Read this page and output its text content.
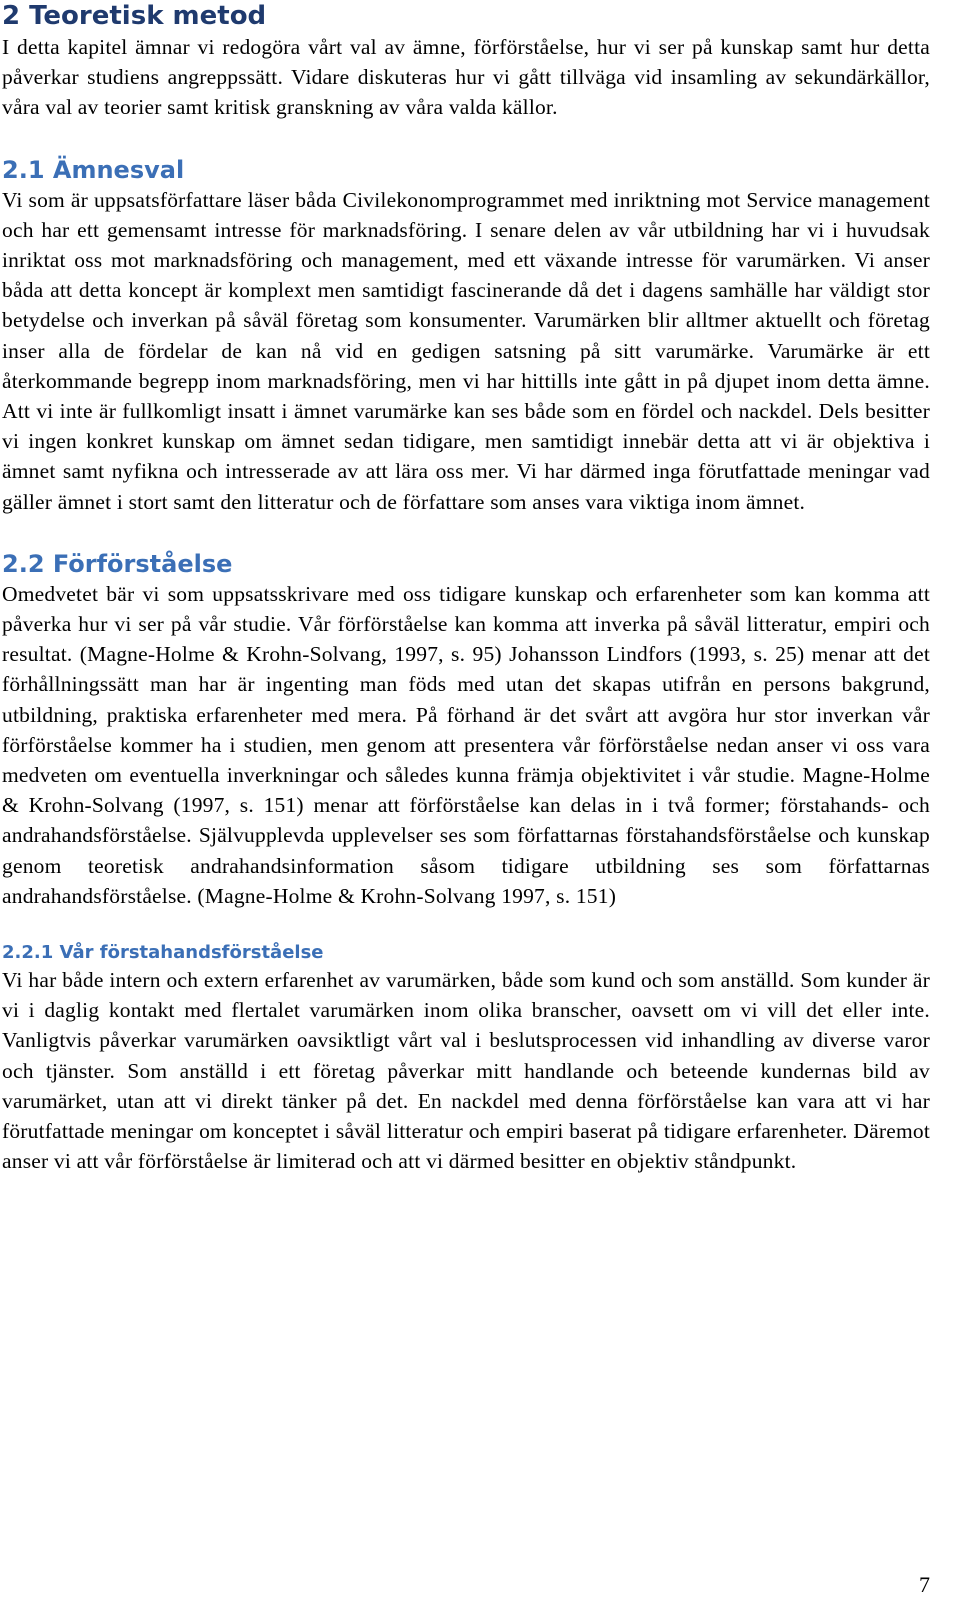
2 Teoretisk metod

I detta kapitel ämnar vi redogöra vårt val av ämne, förförståelse, hur vi ser på kunskap samt hur detta påverkar studiens angreppssätt. Vidare diskuteras hur vi gått tillväga vid insamling av sekundärkällor, våra val av teorier samt kritisk granskning av våra valda källor.

2.1 Ämnesval

Vi som är uppsatsförfattare läser båda Civilekonomprogrammet med inriktning mot Service management och har ett gemensamt intresse för marknadsföring. I senare delen av vår utbildning har vi i huvudsak inriktat oss mot marknadsföring och management, med ett växande intresse för varumärken. Vi anser båda att detta koncept är komplext men samtidigt fascinerande då det i dagens samhälle har väldigt stor betydelse och inverkan på såväl företag som konsumenter. Varumärken blir alltmer aktuellt och företag inser alla de fördelar de kan nå vid en gedigen satsning på sitt varumärke. Varumärke är ett återkommande begrepp inom marknadsföring, men vi har hittills inte gått in på djupet inom detta ämne. Att vi inte är fullkomligt insatt i ämnet varumärke kan ses både som en fördel och nackdel. Dels besitter vi ingen konkret kunskap om ämnet sedan tidigare, men samtidigt innebär detta att vi är objektiva i ämnet samt nyfikna och intresserade av att lära oss mer. Vi har därmed inga förutfattade meningar vad gäller ämnet i stort samt den litteratur och de författare som anses vara viktiga inom ämnet.

2.2 Förförståelse

Omedvetet bär vi som uppsatsskrivare med oss tidigare kunskap och erfarenheter som kan komma att påverka hur vi ser på vår studie. Vår förförståelse kan komma att inverka på såväl litteratur, empiri och resultat. (Magne-Holme & Krohn-Solvang, 1997, s. 95) Johansson Lindfors (1993, s. 25) menar att det förhållningssätt man har är ingenting man föds med utan det skapas utifrån en persons bakgrund, utbildning, praktiska erfarenheter med mera. På förhand är det svårt att avgöra hur stor inverkan vår förförståelse kommer ha i studien, men genom att presentera vår förförståelse nedan anser vi oss vara medveten om eventuella inverkningar och således kunna främja objektivitet i vår studie. Magne-Holme & Krohn-Solvang (1997, s. 151) menar att förförståelse kan delas in i två former; förstahands- och andrahandsförståelse. Självupplevda upplevelser ses som författarnas förstahandsförståelse och kunskap genom teoretisk andrahandsinformation såsom tidigare utbildning ses som författarnas andrahandsförståelse. (Magne-Holme & Krohn-Solvang 1997, s. 151)

2.2.1 Vår förstahandsförståelse

Vi har både intern och extern erfarenhet av varumärken, både som kund och som anställd. Som kunder är vi i daglig kontakt med flertalet varumärken inom olika branscher, oavsett om vi vill det eller inte. Vanligtvis påverkar varumärken oavsiktligt vårt val i beslutsprocessen vid inhandling av diverse varor och tjänster. Som anställd i ett företag påverkar mitt handlande och beteende kundernas bild av varumärket, utan att vi direkt tänker på det. En nackdel med denna förförståelse kan vara att vi har förutfattade meningar om konceptet i såväl litteratur och empiri baserat på tidigare erfarenheter. Däremot anser vi att vår förförståelse är limiterad och att vi därmed besitter en objektiv ståndpunkt.

7
